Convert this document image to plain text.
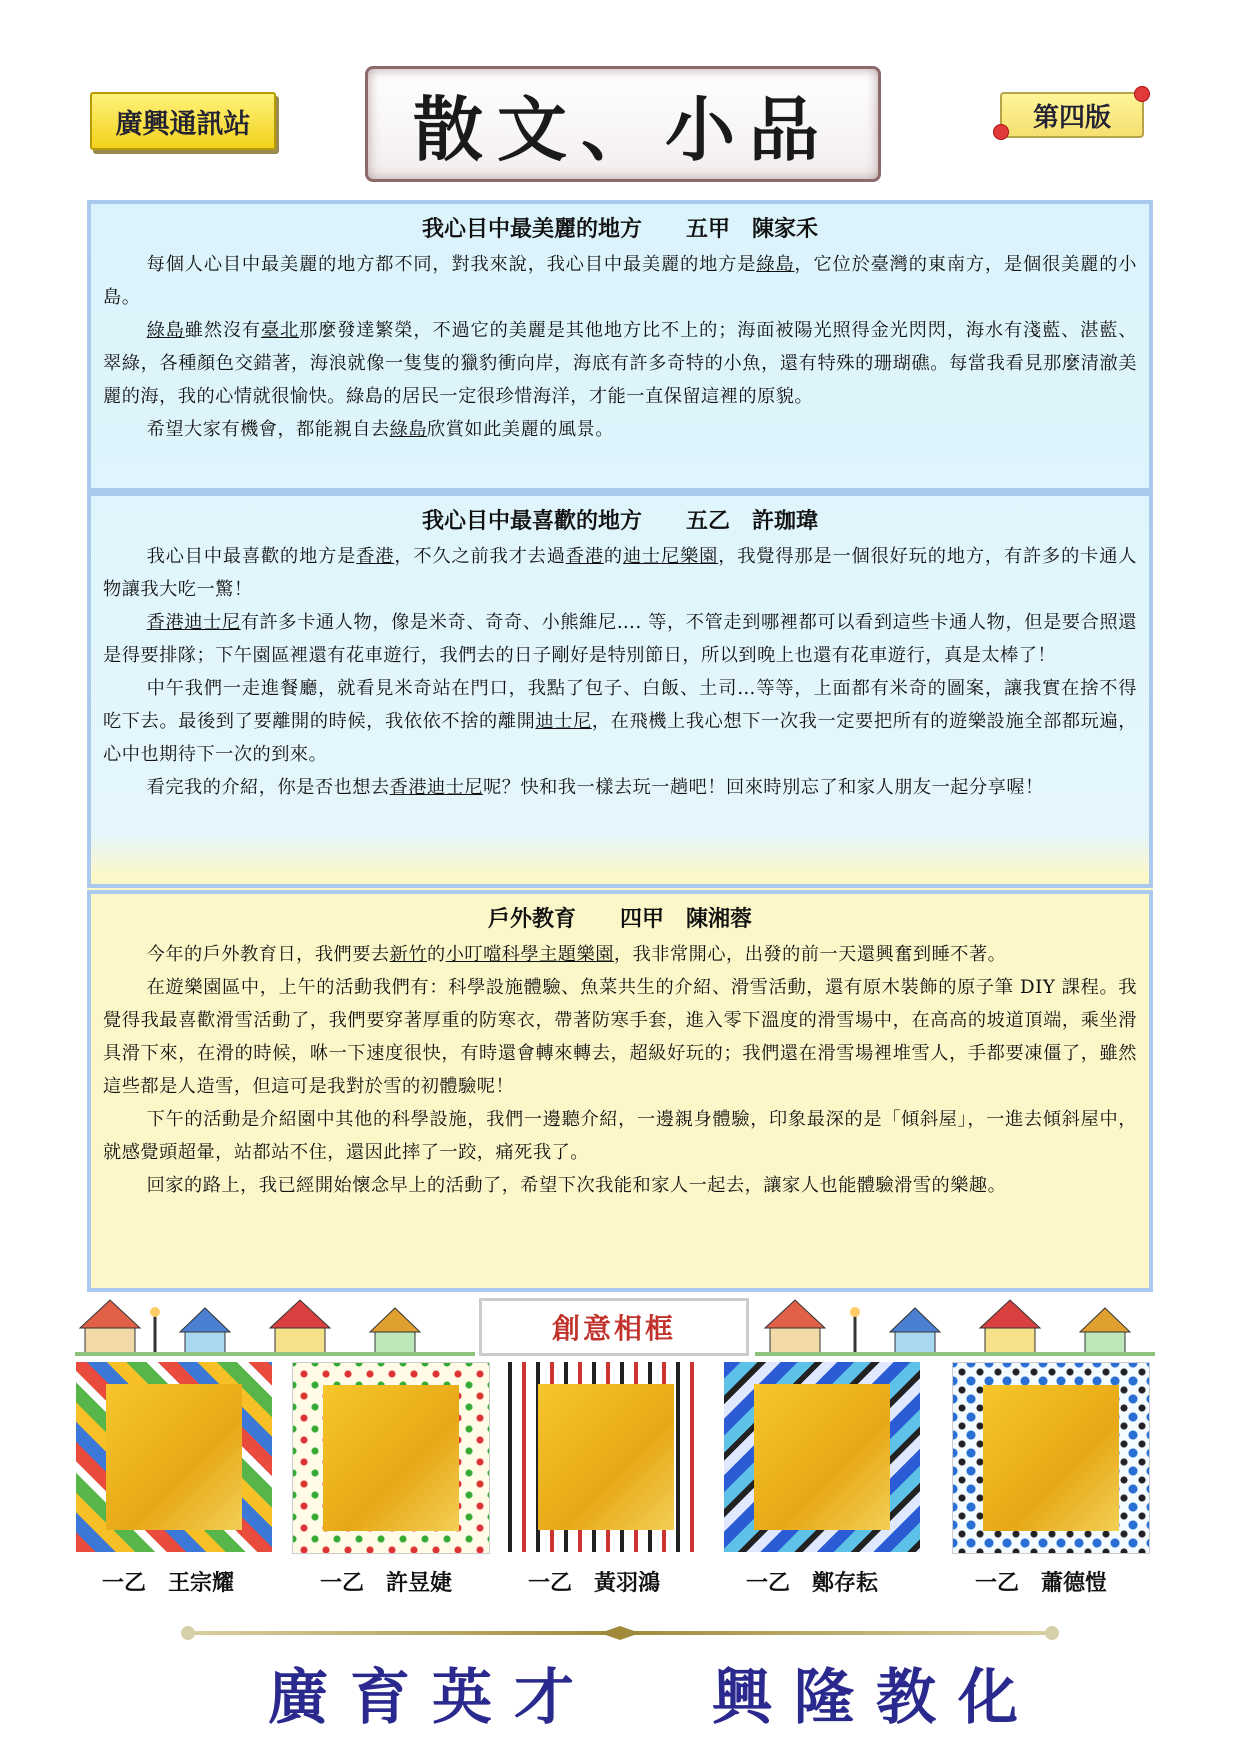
廣興通訊站	散文、小品	第四版
我心目中最美麗的地方　　五甲　陳家禾

每個人心目中最美麗的地方都不同，對我來說，我心目中最美麗的地方是綠島，它位於臺灣的東南方，是個很美麗的小島。

綠島雖然沒有臺北那麼發達繁榮，不過它的美麗是其他地方比不上的；海面被陽光照得金光閃閃，海水有淺藍、湛藍、翠綠，各種顏色交錯著，海浪就像一隻隻的獵豹衝向岸，海底有許多奇特的小魚，還有特殊的珊瑚礁。每當我看見那麼清澈美麗的海，我的心情就很愉快。綠島的居民一定很珍惜海洋，才能一直保留這裡的原貌。

希望大家有機會，都能親自去綠島欣賞如此美麗的風景。

我心目中最喜歡的地方　　五乙　許珈瑋

我心目中最喜歡的地方是香港，不久之前我才去過香港的迪士尼樂園，我覺得那是一個很好玩的地方，有許多的卡通人物讓我大吃一驚！

香港迪士尼有許多卡通人物，像是米奇、奇奇、小熊維尼…. 等，不管走到哪裡都可以看到這些卡通人物，但是要合照還是得要排隊；下午園區裡還有花車遊行，我們去的日子剛好是特別節日，所以到晚上也還有花車遊行，真是太棒了！

中午我們一走進餐廳，就看見米奇站在門口，我點了包子、白飯、土司…等等，上面都有米奇的圖案，讓我實在捨不得吃下去。最後到了要離開的時候，我依依不捨的離開迪士尼，在飛機上我心想下一次我一定要把所有的遊樂設施全部都玩遍，心中也期待下一次的到來。

看完我的介紹，你是否也想去香港迪士尼呢？快和我一樣去玩一趟吧！回來時別忘了和家人朋友一起分享喔！

戶外教育　　四甲　陳湘蓉

今年的戶外教育日，我們要去新竹的小叮噹科學主題樂園，我非常開心，出發的前一天還興奮到睡不著。

在遊樂園區中，上午的活動我們有：科學設施體驗、魚菜共生的介紹、滑雪活動，還有原木裝飾的原子筆 DIY 課程。我覺得我最喜歡滑雪活動了，我們要穿著厚重的防寒衣，帶著防寒手套，進入零下溫度的滑雪場中，在高高的坡道頂端，乘坐滑具滑下來，在滑的時候，咻一下速度很快，有時還會轉來轉去，超級好玩的；我們還在滑雪場裡堆雪人，手都要凍僵了，雖然這些都是人造雪，但這可是我對於雪的初體驗呢！

下午的活動是介紹園中其他的科學設施，我們一邊聽介紹，一邊親身體驗，印象最深的是「傾斜屋」，一進去傾斜屋中，就感覺頭超暈，站都站不住，還因此摔了一跤，痛死我了。

回家的路上，我已經開始懷念早上的活動了，希望下次我能和家人一起去，讓家人也能體驗滑雪的樂趣。

創意相框
一乙　王宗耀	一乙　許昱婕	一乙　黃羽鴻	一乙　鄭存耘	一乙　蕭德愷
廣育英才 興隆教化
